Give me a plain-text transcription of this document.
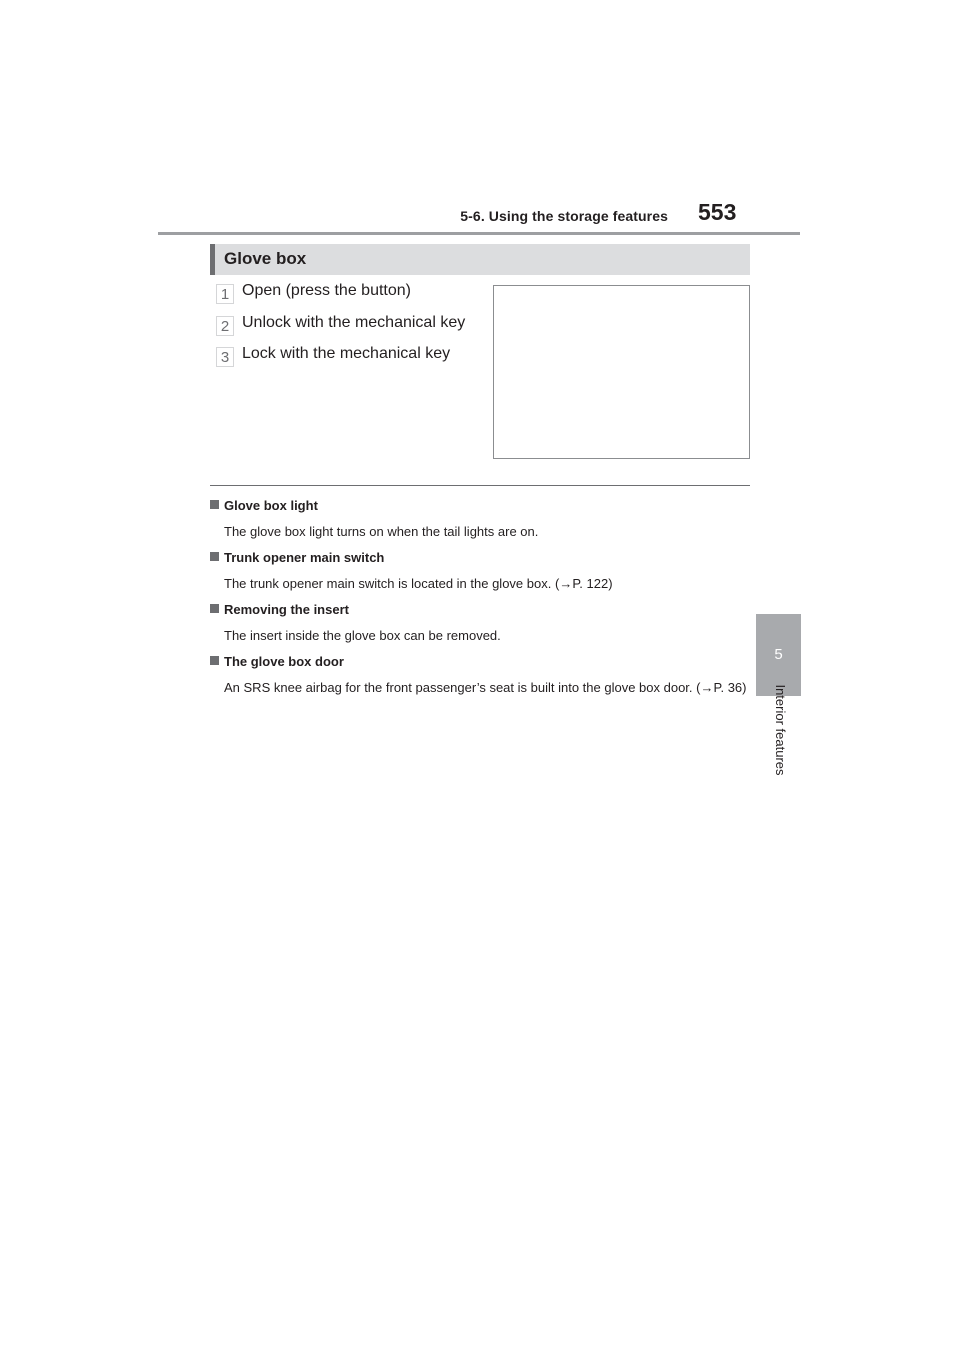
5-6. Using the storage features 553
5
Interior features
Glove box
1 Open (press the button)
2 Unlock with the mechanical key
3 Lock with the mechanical key
Glove box light
The glove box light turns on when the tail lights are on.
Trunk opener main switch
The trunk opener main switch is located in the glove box. (→P. 122)
Removing the insert
The insert inside the glove box can be removed.
The glove box door
An SRS knee airbag for the front passenger’s seat is built into the glove box door. (→P. 36)
